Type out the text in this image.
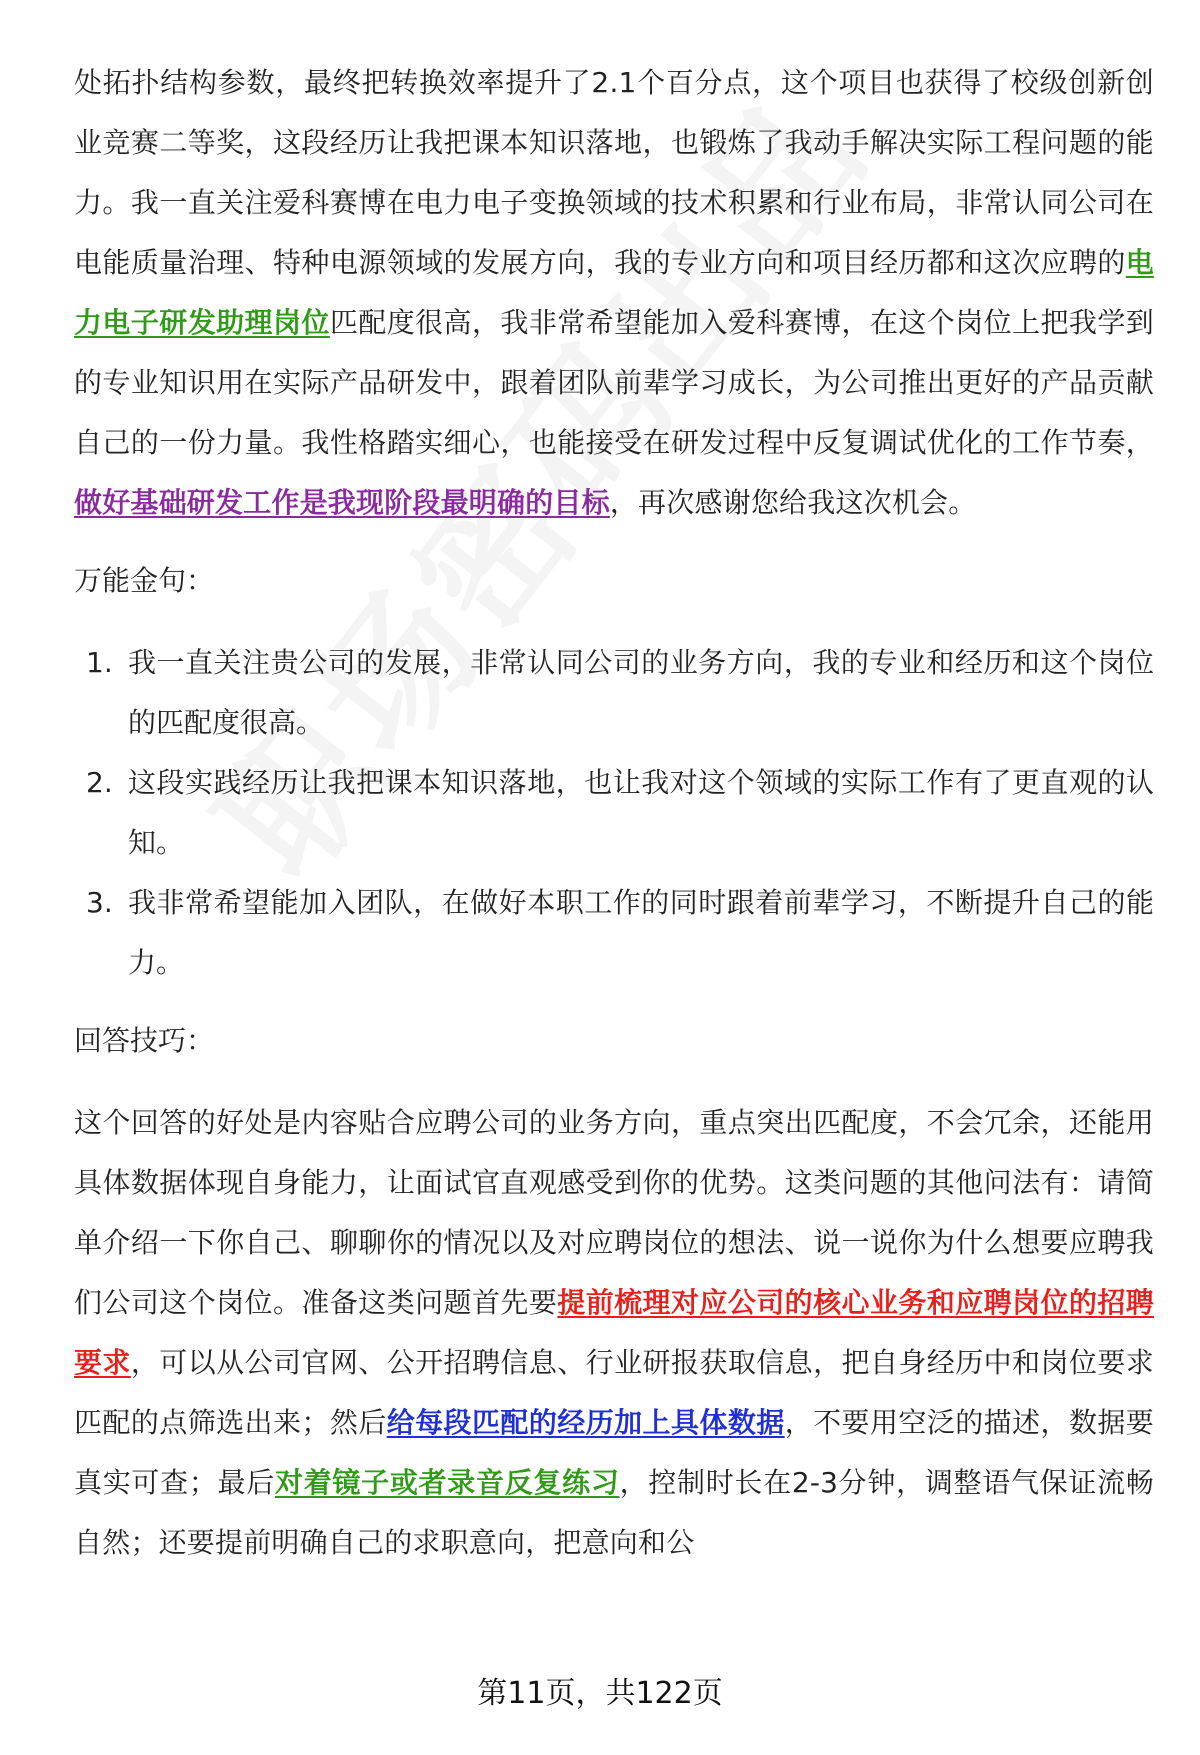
处拓扑结构参数，最终把转换效率提升了2.1个百分点，这个项目也获得了校级创新创业竞赛二等奖，这段经历让我把课本知识落地，也锻炼了我动手解决实际工程问题的能力。我一直关注爱科赛博在电力电子变换领域的技术积累和行业布局，非常认同公司在电能质量治理、特种电源领域的发展方向，我的专业方向和项目经历都和这次应聘的电力电子研发助理岗位匹配度很高，我非常希望能加入爱科赛博，在这个岗位上把我学到的专业知识用在实际产品研发中，跟着团队前辈学习成长，为公司推出更好的产品贡献自己的一份力量。我性格踏实细心，也能接受在研发过程中反复调试优化的工作节奏，做好基础研发工作是我现阶段最明确的目标，再次感谢您给我这次机会。

万能金句：

1. 我一直关注贵公司的发展，非常认同公司的业务方向，我的专业和经历和这个岗位的匹配度很高。
2. 这段实践经历让我把课本知识落地，也让我对这个领域的实际工作有了更直观的认知。
3. 我非常希望能加入团队，在做好本职工作的同时跟着前辈学习，不断提升自己的能力。

回答技巧：

这个回答的好处是内容贴合应聘公司的业务方向，重点突出匹配度，不会冗余，还能用具体数据体现自身能力，让面试官直观感受到你的优势。这类问题的其他问法有：请简单介绍一下你自己、聊聊你的情况以及对应聘岗位的想法、说一说你为什么想要应聘我们公司这个岗位。准备这类问题首先要提前梳理对应公司的核心业务和应聘岗位的招聘要求，可以从公司官网、公开招聘信息、行业研报获取信息，把自身经历中和岗位要求匹配的点筛选出来；然后给每段匹配的经历加上具体数据，不要用空泛的描述，数据要真实可查；最后对着镜子或者录音反复练习，控制时长在2-3分钟，调整语气保证流畅自然；还要提前明确自己的求职意向，把意向和公

第11页，共122页
